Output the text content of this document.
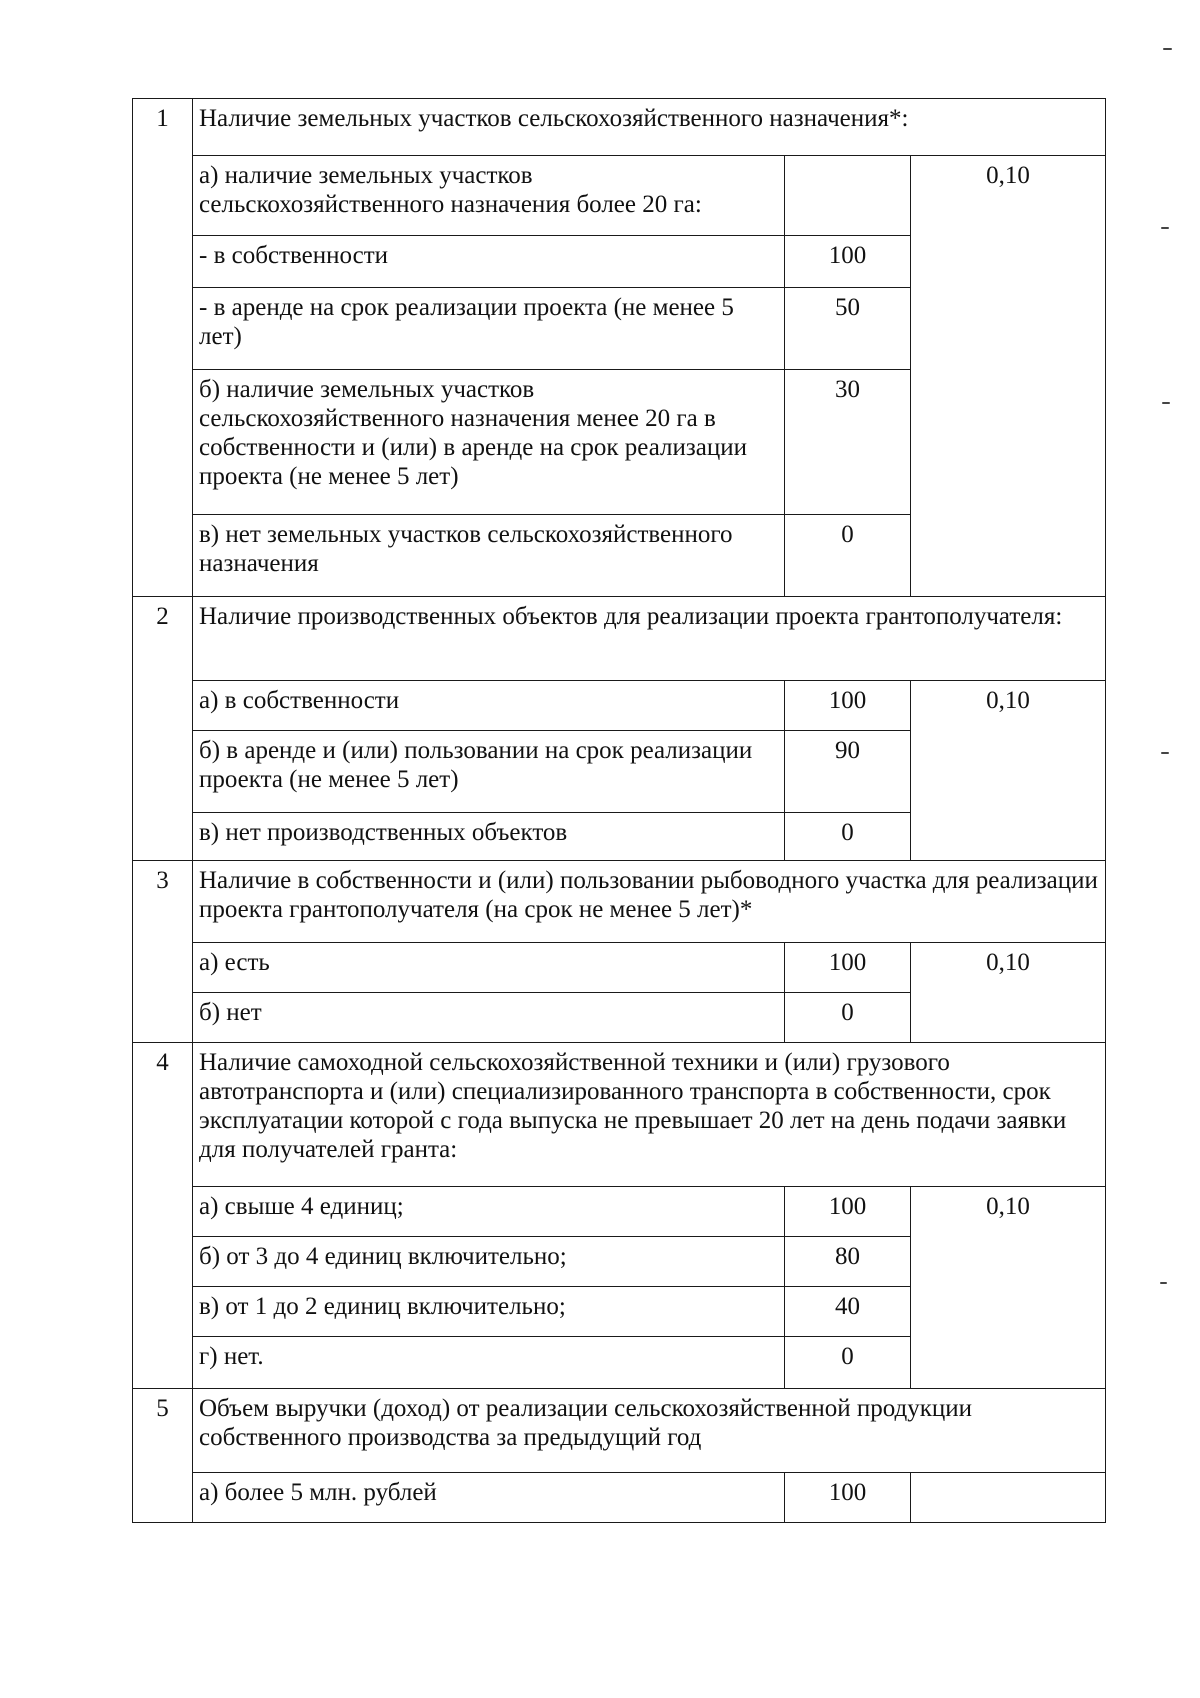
1	Наличие земельных участков сельскохозяйственного назначения*:		
	а) наличие земельных участков сельскохозяйственного назначения более 20 га:		0,10
	- в собственности	100	
	- в аренде на срок реализации проекта (не менее 5 лет)	50	
	б) наличие земельных участков сельскохозяйственного назначения менее 20 га в собственности и (или) в аренде на срок реализации проекта (не менее 5 лет)	30	
	в) нет земельных участков сельскохозяйственного назначения	0	
2	Наличие производственных объектов для реализации проекта грантополучателя:		
	а) в собственности	100	0,10
	б) в аренде и (или) пользовании на срок реализации проекта (не менее 5 лет)	90	
	в) нет производственных объектов	0	
3	Наличие в собственности и (или) пользовании рыбоводного участка для реализации проекта грантополучателя (на срок не менее 5 лет)*		
	а) есть	100	0,10
	б) нет	0	
4	Наличие самоходной сельскохозяйственной техники и (или) грузового автотранспорта и (или) специализированного транспорта в собственности, срок эксплуатации которой с года выпуска не превышает 20 лет на день подачи заявки для получателей гранта:		
	а) свыше 4 единиц;	100	0,10
	б) от 3 до 4 единиц включительно;	80	
	в) от 1 до 2 единиц включительно;	40	
	г) нет.	0	
5	Объем выручки (доход) от реализации сельскохозяйственной продукции собственного производства за предыдущий год		
	а) более 5 млн. рублей	100	
